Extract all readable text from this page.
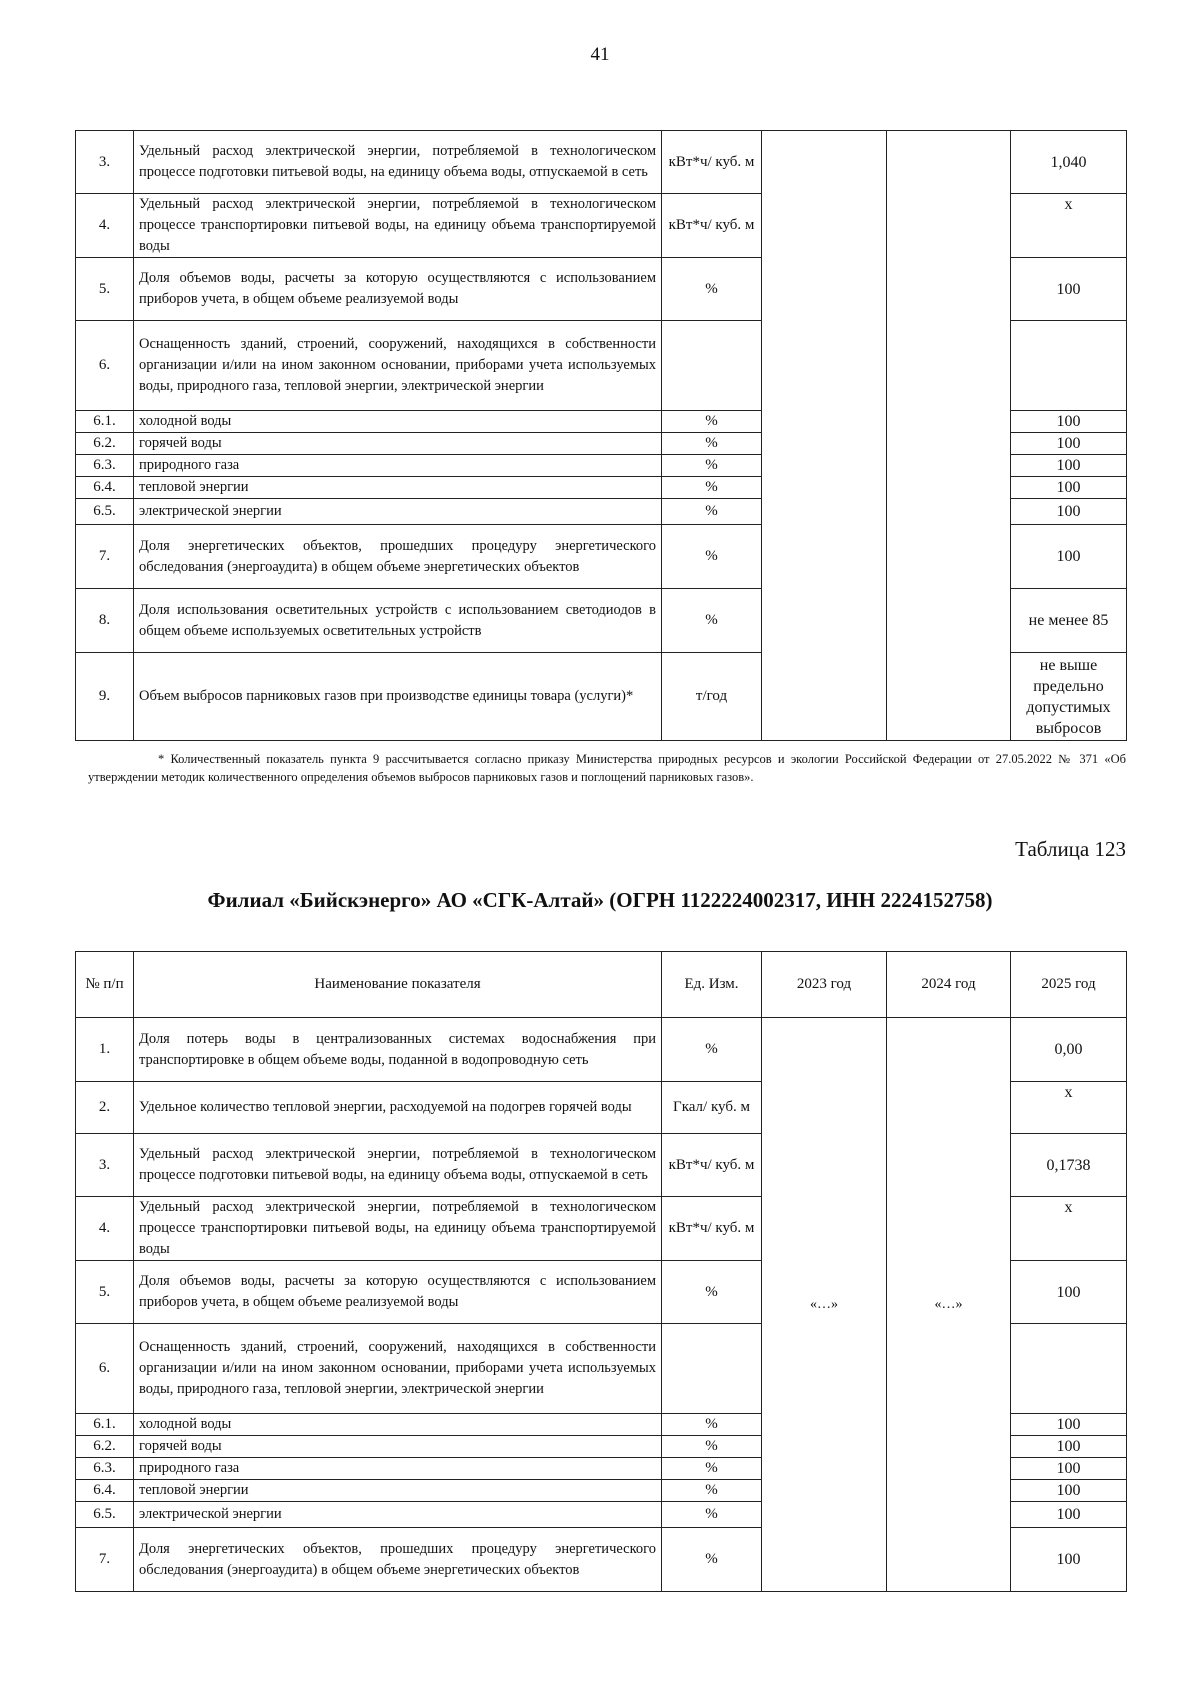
41
3.	Удельный расход электрической энергии, потребляемой в технологическом процессе подготовки питьевой воды, на единицу объема воды, отпускаемой в сеть	кВт*ч/ куб. м			1,040
4.	Удельный расход электрической энергии, потребляемой в технологическом процессе транспортировки питьевой воды, на единицу объема транспортируемой воды	кВт*ч/ куб. м			х
5.	Доля объемов воды, расчеты за которую осуществляются с использованием приборов учета, в общем объеме реализуемой воды	%			100
6.	Оснащенность зданий, строений, сооружений, находящихся в собственности организации и/или на ином законном основании, приборами учета используемых воды, природного газа, тепловой энергии, электрической энергии				
6.1.	холодной воды	%			100
6.2.	горячей воды	%			100
6.3.	природного газа	%			100
6.4.	тепловой энергии	%			100
6.5.	электрической энергии	%			100
7.	Доля энергетических объектов, прошедших процедуру энергетического обследования (энергоаудита) в общем объеме энергетических объектов	%			100
8.	Доля использования осветительных устройств с использованием светодиодов в общем объеме используемых осветительных устройств	%			не менее 85
9.	Объем выбросов парниковых газов при производстве единицы товара (услуги)*	т/год			не выше предельно допустимых выбросов
* Количественный показатель пункта 9 рассчитывается согласно приказу Министерства природных ресурсов и экологии Российской Федерации от 27.05.2022 № 371 «Об утверждении методик количественного определения объемов выбросов парниковых газов и поглощений парниковых газов».
Таблица 123
Филиал «Бийскэнерго» АО «СГК-Алтай» (ОГРН 1122224002317, ИНН 2224152758)
№ п/п	Наименование показателя	Ед. Изм.	2023 год	2024 год	2025 год
1.	Доля потерь воды в централизованных системах водоснабжения при транспортировке в общем объеме воды, поданной в водопроводную сеть	%	«…»	«…»	0,00
2.	Удельное количество тепловой энергии, расходуемой на подогрев горячей воды	Гкал/ куб. м			х
3.	Удельный расход электрической энергии, потребляемой в технологическом процессе подготовки питьевой воды, на единицу объема воды, отпускаемой в сеть	кВт*ч/ куб. м			0,1738
4.	Удельный расход электрической энергии, потребляемой в технологическом процессе транспортировки питьевой воды, на единицу объема транспортируемой воды	кВт*ч/ куб. м			х
5.	Доля объемов воды, расчеты за которую осуществляются с использованием приборов учета, в общем объеме реализуемой воды	%			100
6.	Оснащенность зданий, строений, сооружений, находящихся в собственности организации и/или на ином законном основании, приборами учета используемых воды, природного газа, тепловой энергии, электрической энергии				
6.1.	холодной воды	%			100
6.2.	горячей воды	%			100
6.3.	природного газа	%			100
6.4.	тепловой энергии	%			100
6.5.	электрической энергии	%			100
7.	Доля энергетических объектов, прошедших процедуру энергетического обследования (энергоаудита) в общем объеме энергетических объектов	%			100
